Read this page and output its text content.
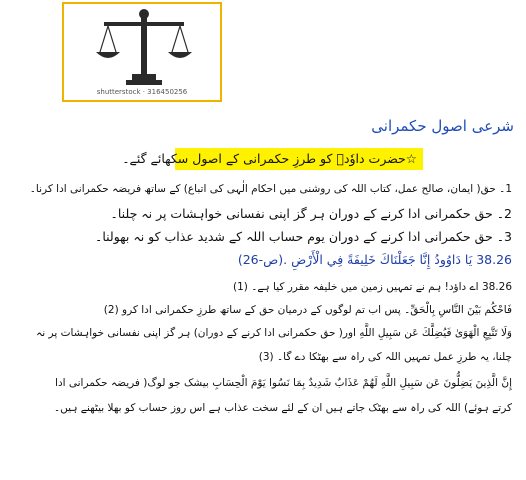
shutterstock · 316450256
شرعی اصول حکمرانی
☆حضرت داوٗدؑ کو طرزِ حکمرانی کے اصول سکھائے گئے۔
1۔ حق( ایمان، صالح عمل، کتاب اللہ کی روشنی میں احکام الٰہی کی اتباع) کے ساتھ فریضہ حکمرانی ادا کرنا۔
2۔ حق حکمرانی ادا کرنے کے دوران ہر گز اپنی نفسانی خواہشات پر نہ چلنا۔
3۔ حق حکمرانی ادا کرنے کے دوران یوم حساب اللہ کے شدید عذاب کو نہ بھولنا۔
38.26 يَا دَاوُودُ إِنَّا جَعَلْنَاكَ خَلِيفَةً فِي الْأَرْضِ .(ص-26)
38.26 اے داؤد! ہم نے تمہیں زمین میں خلیفہ مقرر کیا ہے۔ (1)
فَاحْكُم بَيْنَ النَّاسِ بِالْحَقِّ۔ پس اب تم لوگوں کے درمیان حق کے ساتھ طرزِ حکمرانی ادا کرو (2)
وَلَا تَتَّبِعِ الْهَوَىٰ فَيُضِلَّكَ عَن سَبِيلِ اللَّهِ اور( حق حکمرانی ادا کرنے کے دوران) ہر گز اپنی نفسانی خواہشات پر نہ
چلنا، یہ طرزِ عمل تمہیں اللہ کی راہ سے بھٹکا دے گا۔ (3)
إِنَّ الَّذِينَ يَضِلُّونَ عَن سَبِيلِ اللَّهِ لَهُمْ عَذَابٌ شَدِيدٌ بِمَا نَسُوا يَوْمَ الْحِسَابِ بیشک جو لوگ( فریضہ حکمرانی ادا
کرتے ہوئے) اللہ کی راہ سے بھٹک جاتے ہیں ان کے لئے سخت عذاب ہے اس روز حساب کو بھلا بیٹھنے ہیں۔
